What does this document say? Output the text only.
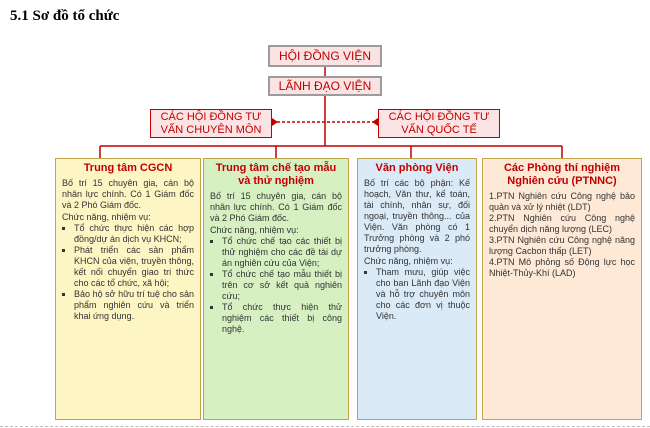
5.1 Sơ đồ tổ chức
HỘI ĐỒNG VIỆN
LÃNH ĐẠO VIỆN
CÁC HỘI ĐỒNG TƯ
VẤN CHUYÊN MÔN
CÁC HỘI ĐỒNG TƯ
VẤN QUỐC TẾ
Trung tâm CGCN
Bố trí 15 chuyên gia, cán bộ nhân lực chính. Có 1 Giám đốc và 2 Phó Giám đốc.
Chức năng, nhiệm vụ:
▪ Tổ chức thực hiện các hợp đồng/dự án dịch vụ KHCN;
▪ Phát triển các sản phẩm KHCN của viện, truyền thông, kết nối chuyển giao tri thức cho các tổ chức, xã hội;
▪ Bảo hộ sở hữu trí tuệ cho sản phẩm nghiên cứu và triển khai ứng dụng.
Trung tâm chế tạo mẫu và thử nghiệm
Bố trí 15 chuyên gia, cán bộ nhân lực chính. Có 1 Giám đốc và 2 Phó Giám đốc.
Chức năng, nhiệm vụ:
▪ Tổ chức chế tạo các thiết bị thử nghiệm cho các đề tài dự án nghiên cứu của Viện;
▪ Tổ chức chế tạo mẫu thiết bị trên cơ sở kết quả nghiên cứu;
▪ Tổ chức thực hiện thử nghiệm các thiết bị công nghệ.
Văn phòng Viện
Bố trí các bộ phận: Kế hoạch, Văn thư, kế toán, tài chính, nhân sự, đối ngoại, truyền thông... của Viện. Văn phòng có 1 Trưởng phòng và 2 phó trưởng phòng.
Chức năng, nhiệm vụ:
▪ Tham mưu, giúp việc cho ban Lãnh đạo Viện và hỗ trợ chuyên môn cho các đơn vị thuộc Viện.
Các Phòng thí nghiệm Nghiên cứu (PTNNC)
1.PTN Nghiên cứu Công nghệ bảo quản và xử lý nhiệt (LDT)
2.PTN Nghiên cứu Công nghệ chuyển dịch năng lượng (LEC)
3.PTN Nghiên cứu Công nghệ năng lượng Cacbon thấp (LET)
4.PTN Mô phỏng số Động lực học Nhiệt-Thủy-Khí (LAD)
